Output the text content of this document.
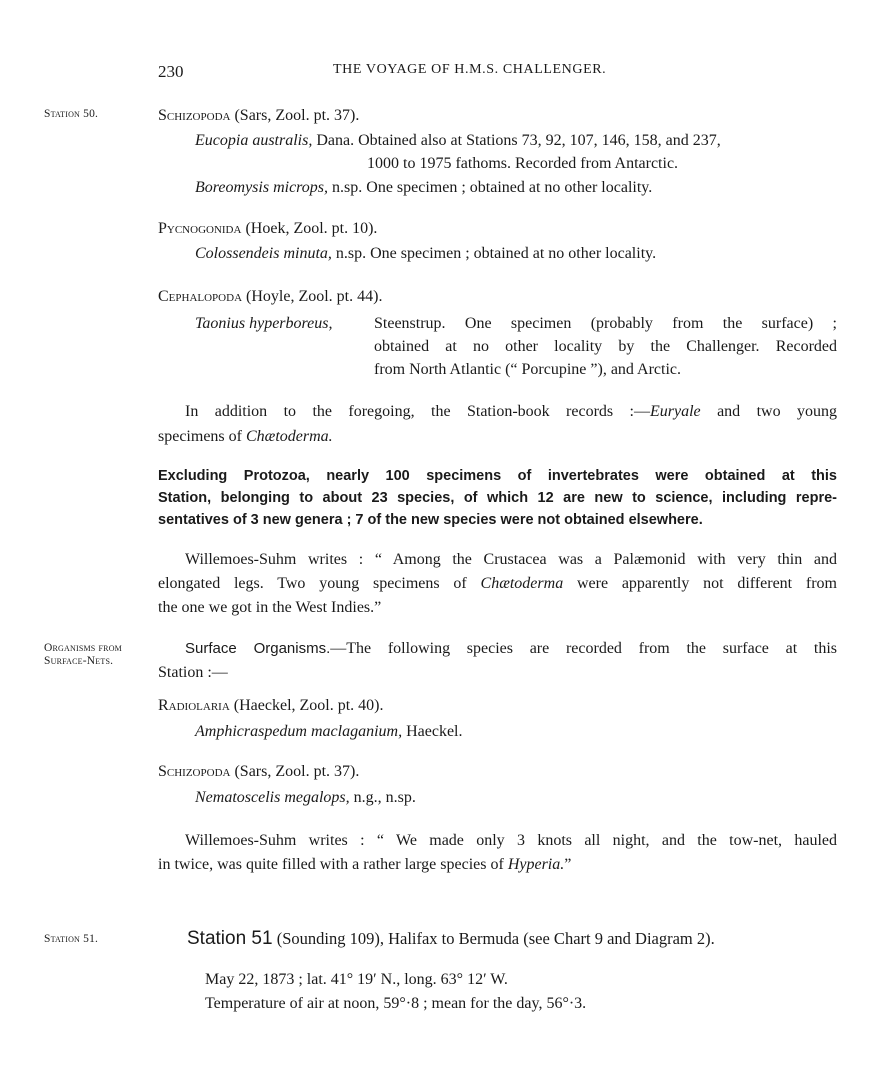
230	THE VOYAGE OF H.M.S. CHALLENGER.
Station 50.
Organisms from
Surface-Nets.
Station 51.
Schizopoda (Sars, Zool. pt. 37).
Eucopia australis, Dana. Obtained also at Stations 73, 92, 107, 146, 158, and 237,
1000 to 1975 fathoms. Recorded from Antarctic.
Boreomysis microps, n.sp. One specimen ; obtained at no other locality.
Pycnogonida (Hoek, Zool. pt. 10).
Colossendeis minuta, n.sp. One specimen ; obtained at no other locality.
Cephalopoda (Hoyle, Zool. pt. 44).
Taonius hyperboreus,	Steenstrup. One specimen (probably from the surface) ;
obtained at no other locality by the Challenger. Recorded
from North Atlantic (“ Porcupine ”), and Arctic.
In addition to the foregoing, the Station-book records :—Euryale and two young
specimens of Chætoderma.
Excluding Protozoa, nearly 100 specimens of invertebrates were obtained at this
Station, belonging to about 23 species, of which 12 are new to science, including repre-
sentatives of 3 new genera ; 7 of the new species were not obtained elsewhere.
Willemoes-Suhm writes : “ Among the Crustacea was a Palæmonid with very thin and
elongated legs. Two young specimens of Chætoderma were apparently not different from
the one we got in the West Indies.”
Surface Organisms.—The following species are recorded from the surface at this
Station :—
Radiolaria (Haeckel, Zool. pt. 40).
Amphicraspedum maclaganium, Haeckel.
Schizopoda (Sars, Zool. pt. 37).
Nematoscelis megalops, n.g., n.sp.
Willemoes-Suhm writes : “ We made only 3 knots all night, and the tow-net, hauled
in twice, was quite filled with a rather large species of Hyperia.”
Station 51 (Sounding 109), Halifax to Bermuda (see Chart 9 and Diagram 2).
May 22, 1873 ; lat. 41° 19′ N., long. 63° 12′ W.
Temperature of air at noon, 59°·8 ; mean for the day, 56°·3.
